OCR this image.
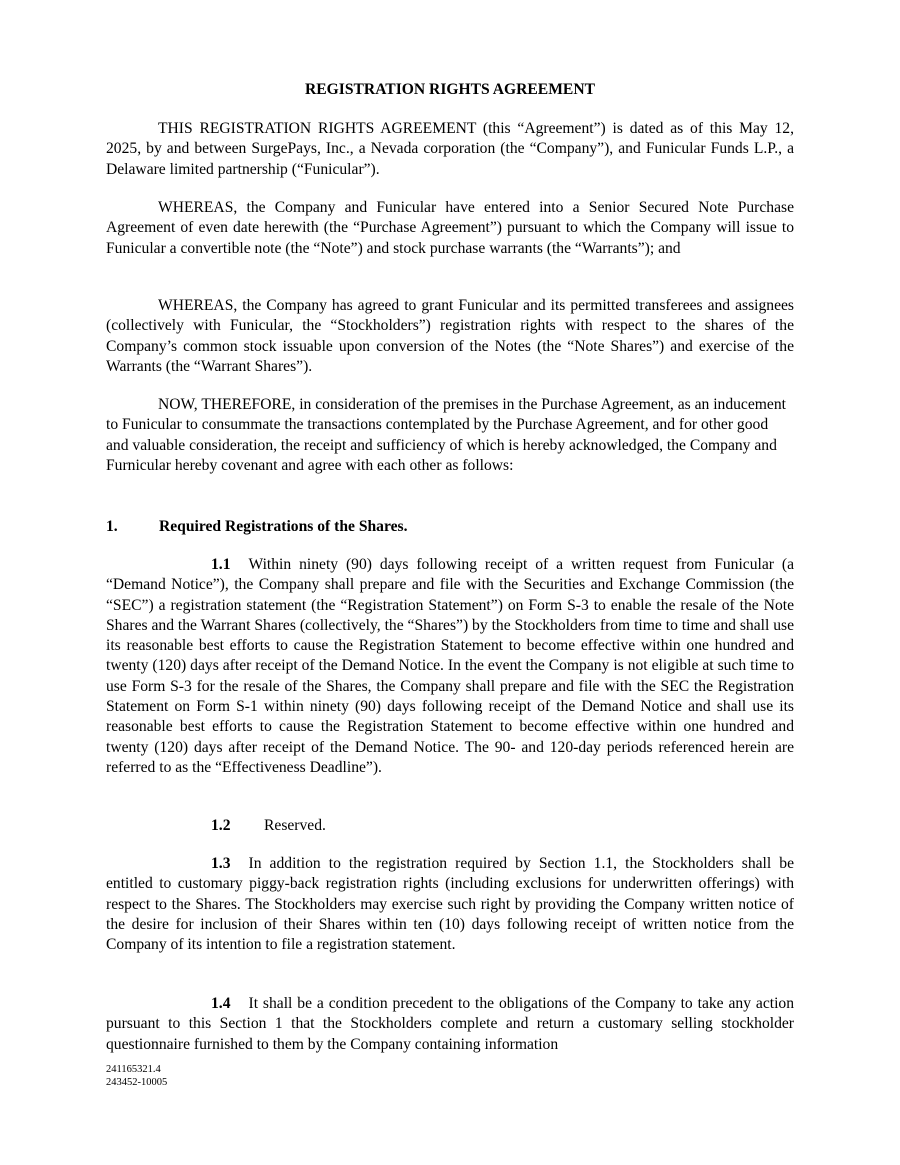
REGISTRATION RIGHTS AGREEMENT

THIS REGISTRATION RIGHTS AGREEMENT (this “Agreement”) is dated as of this May 12, 2025, by and between SurgePays, Inc., a Nevada corporation (the “Company”), and Funicular Funds L.P., a Delaware limited partnership (“Funicular”).

WHEREAS, the Company and Funicular have entered into a Senior Secured Note Purchase Agreement of even date herewith (the “Purchase Agreement”) pursuant to which the Company will issue to Funicular a convertible note (the “Note”) and stock purchase warrants (the “Warrants”); and

WHEREAS, the Company has agreed to grant Funicular and its permitted transferees and assignees (collectively with Funicular, the “Stockholders”) registration rights with respect to the shares of the Company’s common stock issuable upon conversion of the Notes (the “Note Shares”) and exercise of the Warrants (the “Warrant Shares”).

NOW, THEREFORE, in consideration of the premises in the Purchase Agreement, as an inducement to Funicular to consummate the transactions contemplated by the Purchase Agreement, and for other good and valuable consideration, the receipt and sufficiency of which is hereby acknowledged, the Company and Furnicular hereby covenant and agree with each other as follows:

1.	Required Registrations of the Shares.

1.1 Within ninety (90) days following receipt of a written request from Funicular (a “Demand Notice”), the Company shall prepare and file with the Securities and Exchange Commission (the “SEC”) a registration statement (the “Registration Statement”) on Form S-3 to enable the resale of the Note Shares and the Warrant Shares (collectively, the “Shares”) by the Stockholders from time to time and shall use its reasonable best efforts to cause the Registration Statement to become effective within one hundred and twenty (120) days after receipt of the Demand Notice. In the event the Company is not eligible at such time to use Form S-3 for the resale of the Shares, the Company shall prepare and file with the SEC the Registration Statement on Form S-1 within ninety (90) days following receipt of the Demand Notice and shall use its reasonable best efforts to cause the Registration Statement to become effective within one hundred and twenty (120) days after receipt of the Demand Notice. The 90- and 120-day periods referenced herein are referred to as the “Effectiveness Deadline”).

1.2 Reserved.

1.3 In addition to the registration required by Section 1.1, the Stockholders shall be entitled to customary piggy-back registration rights (including exclusions for underwritten offerings) with respect to the Shares. The Stockholders may exercise such right by providing the Company written notice of the desire for inclusion of their Shares within ten (10) days following receipt of written notice from the Company of its intention to file a registration statement.

1.4 It shall be a condition precedent to the obligations of the Company to take any action pursuant to this Section 1 that the Stockholders complete and return a customary selling stockholder questionnaire furnished to them by the Company containing information

241165321.4
243452-10005
